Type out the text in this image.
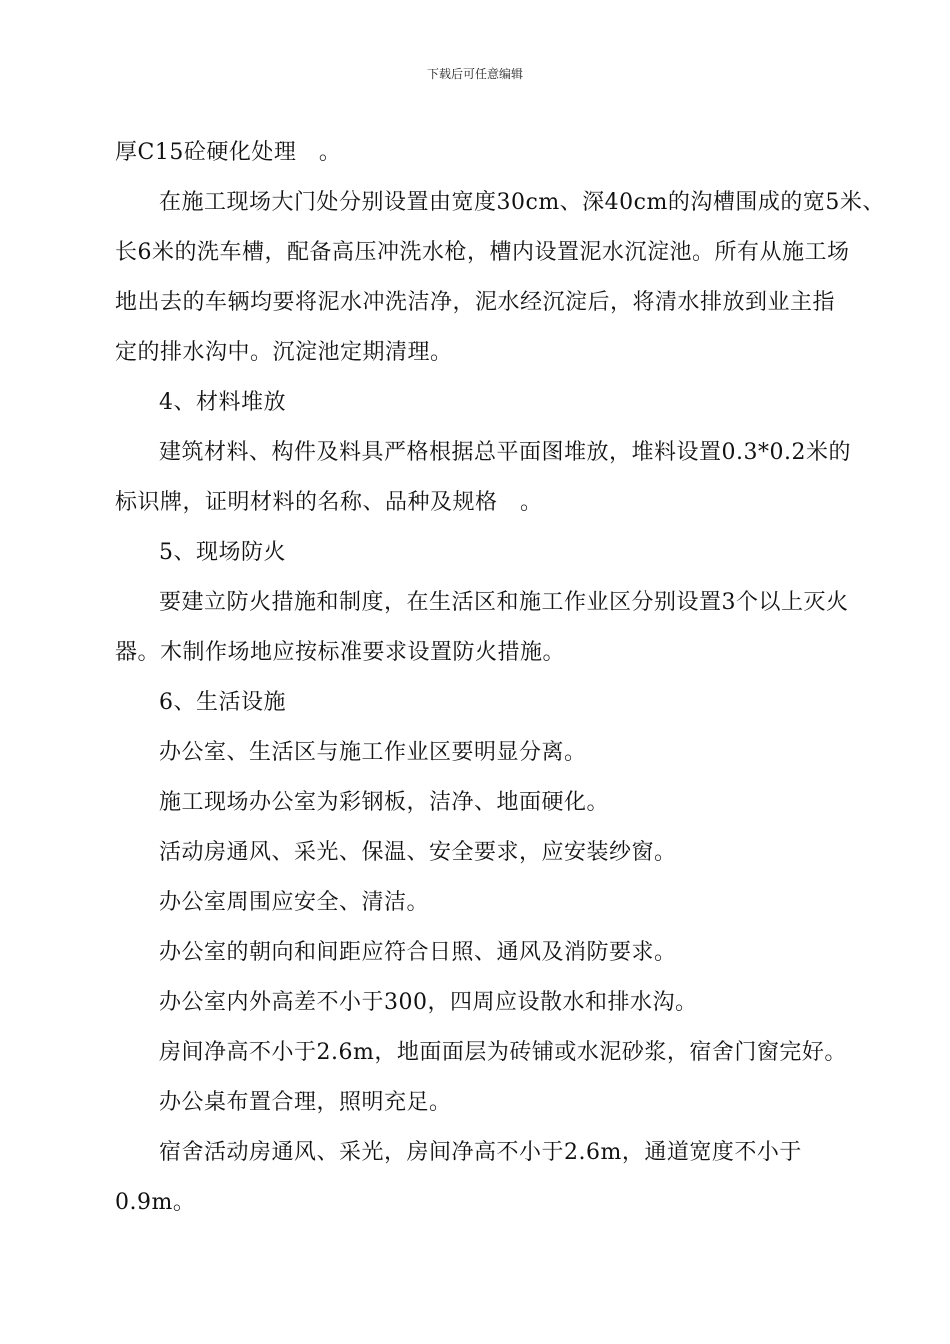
下载后可任意编辑

厚C15砼硬化处理　。

在施工现场大门处分别设置由宽度30cm、深40cm的沟槽围成的宽5米、

长6米的洗车槽，配备高压冲洗水枪，槽内设置泥水沉淀池。所有从施工场

地出去的车辆均要将泥水冲洗洁净，泥水经沉淀后，将清水排放到业主指

定的排水沟中。沉淀池定期清理。

4、材料堆放

建筑材料、构件及料具严格根据总平面图堆放，堆料设置0.3*0.2米的

标识牌，证明材料的名称、品种及规格　。

5、现场防火

要建立防火措施和制度，在生活区和施工作业区分别设置3个以上灭火

器。木制作场地应按标准要求设置防火措施。

6、生活设施

办公室、生活区与施工作业区要明显分离。

施工现场办公室为彩钢板，洁净、地面硬化。

活动房通风、采光、保温、安全要求，应安装纱窗。

办公室周围应安全、清洁。

办公室的朝向和间距应符合日照、通风及消防要求。

办公室内外高差不小于300，四周应设散水和排水沟。

房间净高不小于2.6m，地面面层为砖铺或水泥砂浆，宿舍门窗完好。

办公桌布置合理，照明充足。

宿舍活动房通风、采光，房间净高不小于2.6m，通道宽度不小于

0.9m。
